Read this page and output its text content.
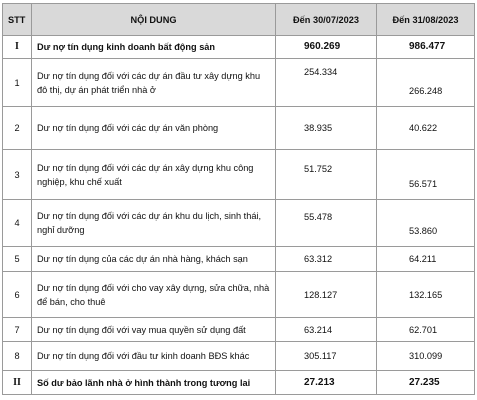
STT	NỘI DUNG	Đến 30/07/2023	Đến 31/08/2023
I	Dư nợ tín dụng kinh doanh bất động sản	960.269	986.477
1	Dư nợ tín dụng đối với các dự án đầu tư xây dựng khu đô thị, dự án phát triển nhà ở	254.334	266.248
2	Dư nợ tín dụng đối với các dự án văn phòng	38.935	40.622
3	Dư nợ tín dụng đối với các dự án xây dựng khu công nghiệp, khu chế xuất	51.752	56.571
4	Dư nợ tín dụng đối với các dự án khu du lịch, sinh thái, nghỉ dưỡng	55.478	53.860
5	Dư nợ tín dụng của các dự án nhà hàng, khách sạn	63.312	64.211
6	Dư nợ tín dụng đối với cho vay xây dựng, sửa chữa, nhà để bán, cho thuê	128.127	132.165
7	Dư nợ tín dụng đối với vay mua quyền sử dụng đất	63.214	62.701
8	Dư nợ tín dụng đối với đầu tư kinh doanh BĐS khác	305.117	310.099
II	Số dư bảo lãnh nhà ở hình thành trong tương lai	27.213	27.235
